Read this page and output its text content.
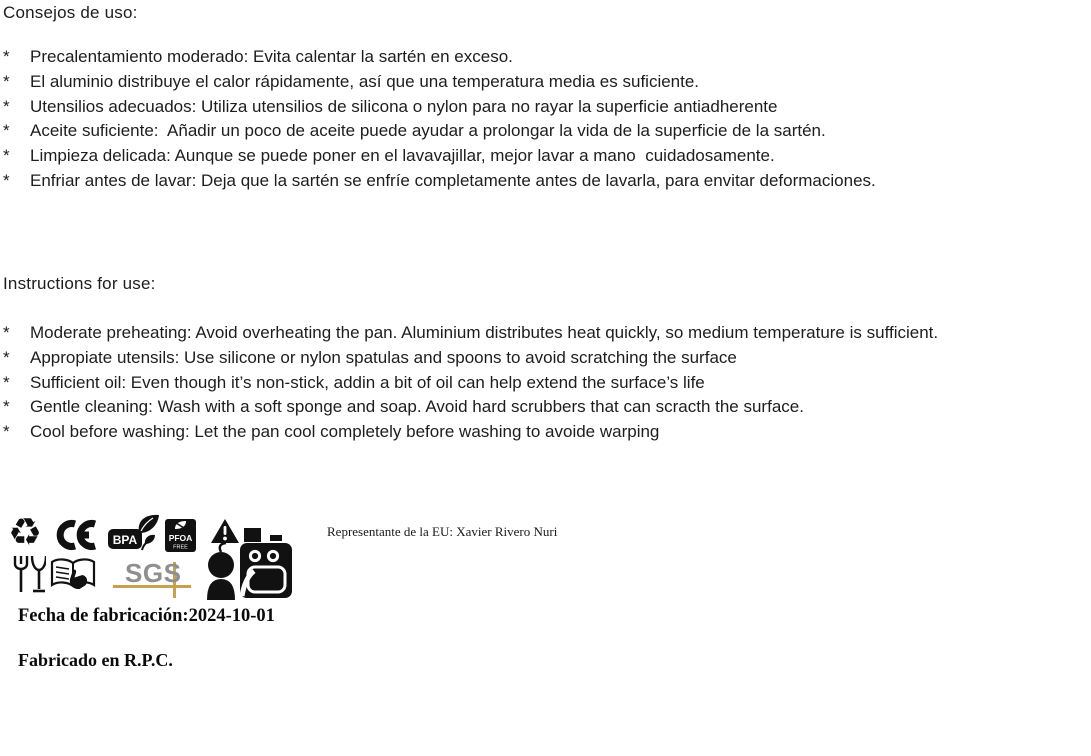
Consejos de uso:
*	Precalentamiento moderado: Evita calentar la sartén en exceso.
*	El aluminio distribuye el calor rápidamente, así que una temperatura media es suficiente.
*	Utensilios adecuados: Utiliza utensilios de silicona o nylon para no rayar la superficie antiadherente
*	Aceite suficiente:  Añadir un poco de aceite puede ayudar a prolongar la vida de la superficie de la sartén.
*	Limpieza delicada: Aunque se puede poner en el lavavajillar, mejor lavar a mano  cuidadosamente.
*	Enfriar antes de lavar: Deja que la sartén se enfríe completamente antes de lavarla, para envitar deformaciones.
Instructions for use:
*	Moderate preheating: Avoid overheating the pan. Aluminium distributes heat quickly, so medium temperature is sufficient.
*	Appropiate utensils: Use silicone or nylon spatulas and spoons to avoid scratching the surface
*	Sufficient oil: Even though it’s non-stick, addin a bit of oil can help extend the surface’s life
*	Gentle cleaning: Wash with a soft sponge and soap. Avoid hard scrubbers that can scracth the surface.
*	Cool before washing: Let the pan cool completely before washing to avoide warping
♻	BPA	PFOA
FREE
SGS
Fecha de fabricación:2024-10-01
Fabricado en R.P.C.
Representante de la EU: Xavier Rivero Nuri
